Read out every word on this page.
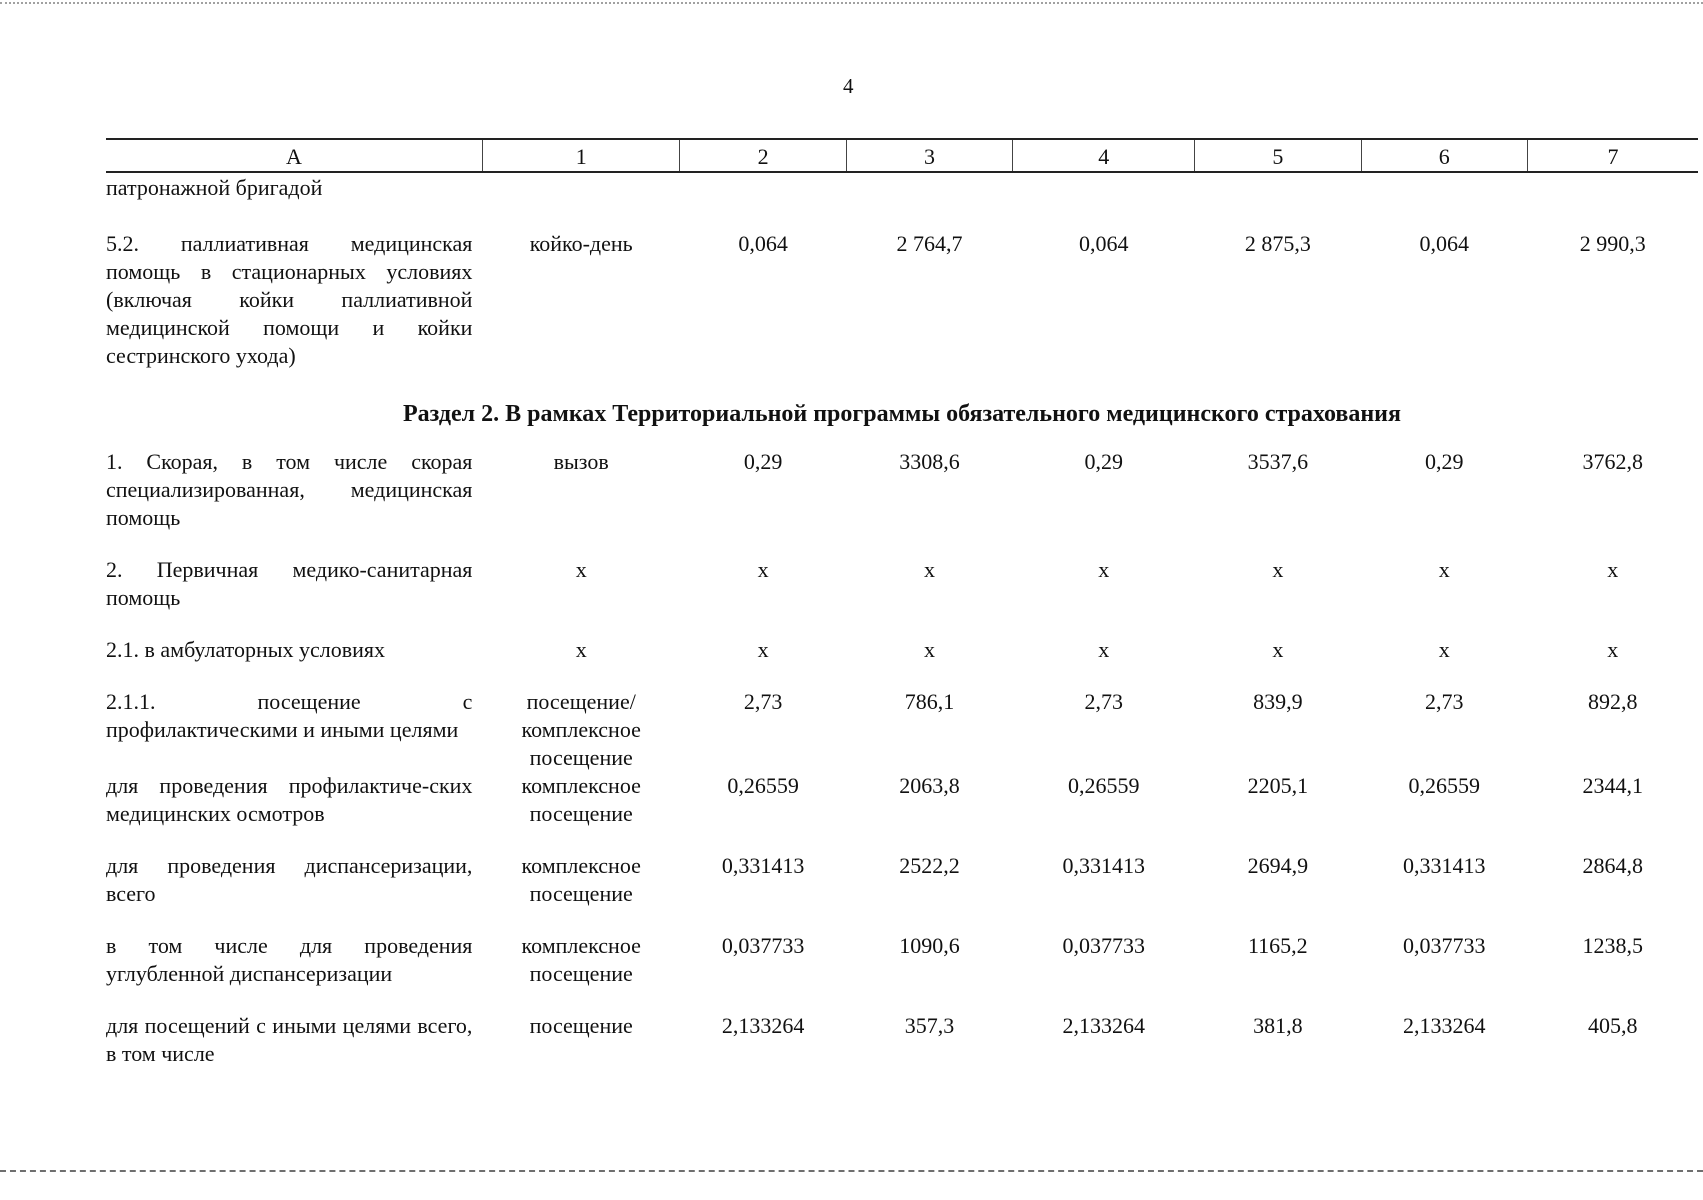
4
А	1	2	3	4	5	6	7
патронажной бригадой							
5.2. паллиативная медицинская помощь в стационарных условиях (включая койки паллиативной медицинской помощи и койки сестринского ухода)	койко-день	0,064	2 764,7	0,064	2 875,3	0,064	2 990,3
Раздел 2. В рамках Территориальной программы обязательного медицинского страхования							
1. Скорая, в том числе скорая специализированная, медицинская помощь	вызов	0,29	3308,6	0,29	3537,6	0,29	3762,8
2. Первичная медико-санитарная помощь	х	х	х	х	х	х	х
2.1. в амбулаторных условиях	х	х	х	х	х	х	х
2.1.1. посещение с профилактическими и иными целями	посещение/ комплексное посещение	2,73	786,1	2,73	839,9	2,73	892,8
для проведения профилактиче-ских медицинских осмотров	комплексное посещение	0,26559	2063,8	0,26559	2205,1	0,26559	2344,1
для проведения диспансеризации, всего	комплексное посещение	0,331413	2522,2	0,331413	2694,9	0,331413	2864,8
в том числе для проведения углубленной диспансеризации	комплексное посещение	0,037733	1090,6	0,037733	1165,2	0,037733	1238,5
для посещений с иными целями всего, в том числе	посещение	2,133264	357,3	2,133264	381,8	2,133264	405,8
